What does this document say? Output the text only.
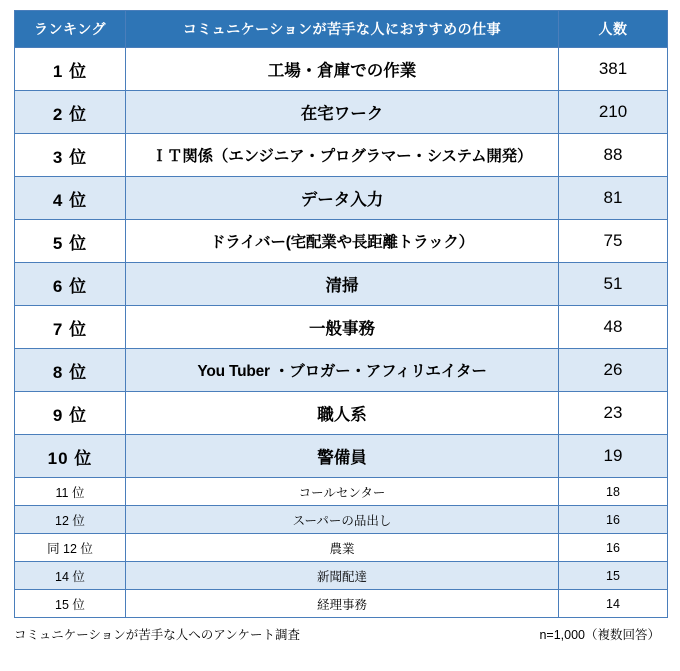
ランキング	コミュニケーションが苦手な人におすすめの仕事	人数
1 位	工場・倉庫での作業	381
2 位	在宅ワーク	210
3 位	ＩＴ関係（エンジニア・プログラマー・システム開発）	88
4 位	データ入力	81
5 位	ドライバー(宅配業や長距離トラック）	75
6 位	清掃	51
7 位	一般事務	48
8 位	You Tuber ・ブロガー・アフィリエイター	26
9 位	職人系	23
10 位	警備員	19
11 位	コールセンター	18
12 位	スーパーの品出し	16
同 12 位	農業	16
14 位	新聞配達	15
15 位	経理事務	14
コミュニケーションが苦手な人へのアンケート調査	n=1,000（複数回答）
